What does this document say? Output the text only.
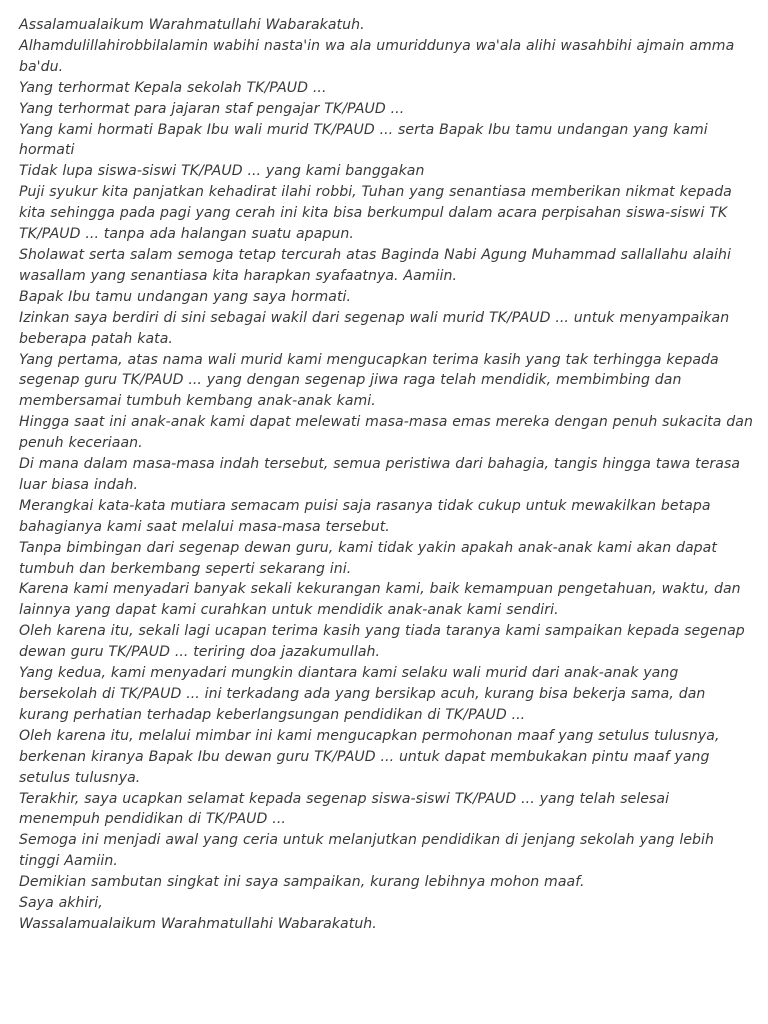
Assalamualaikum Warahmatullahi Wabarakatuh.

Alhamdulillahirobbilalamin wabihi nasta'in wa ala umuriddunya wa'ala alihi wasahbihi ajmain amma ba'du.

Yang terhormat Kepala sekolah TK/PAUD ...

Yang terhormat para jajaran staf pengajar TK/PAUD ...

Yang kami hormati Bapak Ibu wali murid TK/PAUD ... serta Bapak Ibu tamu undangan yang kami hormati

Tidak lupa siswa-siswi TK/PAUD ... yang kami banggakan

Puji syukur kita panjatkan kehadirat ilahi robbi, Tuhan yang senantiasa memberikan nikmat kepada kita sehingga pada pagi yang cerah ini kita bisa berkumpul dalam acara perpisahan siswa-siswi TK TK/PAUD ... tanpa ada halangan suatu apapun.

Sholawat serta salam semoga tetap tercurah atas Baginda Nabi Agung Muhammad sallallahu alaihi wasallam yang senantiasa kita harapkan syafaatnya. Aamiin.

Bapak Ibu tamu undangan yang saya hormati.

Izinkan saya berdiri di sini sebagai wakil dari segenap wali murid TK/PAUD ... untuk menyampaikan beberapa patah kata.

Yang pertama, atas nama wali murid kami mengucapkan terima kasih yang tak terhingga kepada segenap guru TK/PAUD ... yang dengan segenap jiwa raga telah mendidik, membimbing dan membersamai tumbuh kembang anak-anak kami.

Hingga saat ini anak-anak kami dapat melewati masa-masa emas mereka dengan penuh sukacita dan penuh keceriaan.

Di mana dalam masa-masa indah tersebut, semua peristiwa dari bahagia, tangis hingga tawa terasa luar biasa indah.

Merangkai kata-kata mutiara semacam puisi saja rasanya tidak cukup untuk mewakilkan betapa bahagianya kami saat melalui masa-masa tersebut.

Tanpa bimbingan dari segenap dewan guru, kami tidak yakin apakah anak-anak kami akan dapat tumbuh dan berkembang seperti sekarang ini.

Karena kami menyadari banyak sekali kekurangan kami, baik kemampuan pengetahuan, waktu, dan lainnya yang dapat kami curahkan untuk mendidik anak-anak kami sendiri.

Oleh karena itu, sekali lagi ucapan terima kasih yang tiada taranya kami sampaikan kepada segenap dewan guru TK/PAUD ... teriring doa jazakumullah.

Yang kedua, kami menyadari mungkin diantara kami selaku wali murid dari anak-anak yang bersekolah di TK/PAUD ... ini terkadang ada yang bersikap acuh, kurang bisa bekerja sama, dan kurang perhatian terhadap keberlangsungan pendidikan di TK/PAUD ...

Oleh karena itu, melalui mimbar ini kami mengucapkan permohonan maaf yang setulus tulusnya, berkenan kiranya Bapak Ibu dewan guru TK/PAUD ... untuk dapat membukakan pintu maaf yang setulus tulusnya.

Terakhir, saya ucapkan selamat kepada segenap siswa-siswi TK/PAUD ... yang telah selesai menempuh pendidikan di TK/PAUD ...

Semoga ini menjadi awal yang ceria untuk melanjutkan pendidikan di jenjang sekolah yang lebih tinggi Aamiin.

Demikian sambutan singkat ini saya sampaikan, kurang lebihnya mohon maaf.

Saya akhiri,

Wassalamualaikum Warahmatullahi Wabarakatuh.
